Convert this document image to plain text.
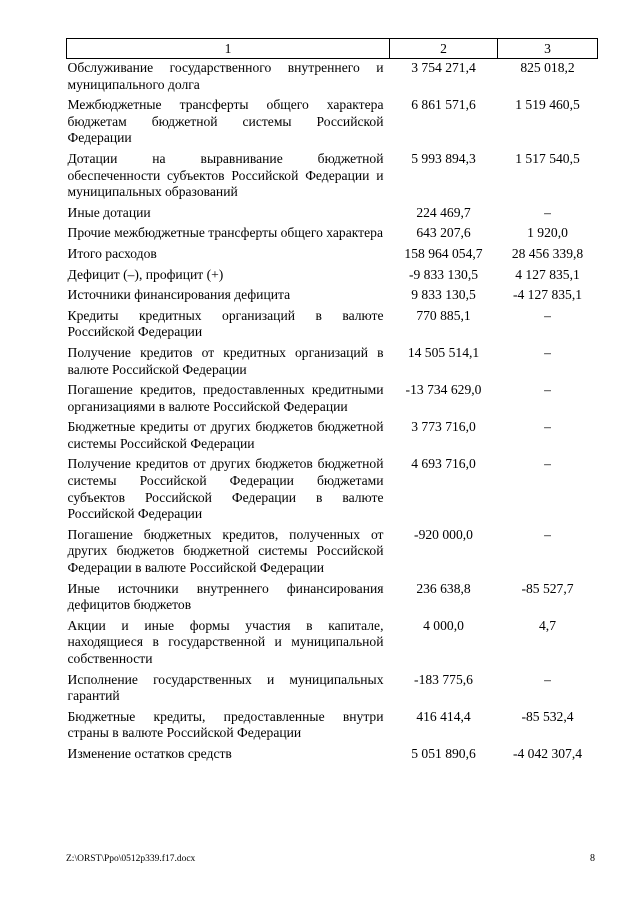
1	2	3
Обслуживание государственного внутреннего и муниципального долга	3 754 271,4	825 018,2
Межбюджетные трансферты общего характера бюджетам бюджетной системы Российской Федерации	6 861 571,6	1 519 460,5
Дотации на выравнивание бюджетной обеспеченности субъектов Российской Федерации и муниципальных образований	5 993 894,3	1 517 540,5
Иные дотации	224 469,7	–
Прочие межбюджетные трансферты общего характера	643 207,6	1 920,0
Итого расходов	158 964 054,7	28 456 339,8
Дефицит (–), профицит (+)	-9 833 130,5	4 127 835,1
Источники финансирования дефицита	9 833 130,5	-4 127 835,1
Кредиты кредитных организаций в валюте Российской Федерации	770 885,1	–
Получение кредитов от кредитных организаций в валюте Российской Федерации	14 505 514,1	–
Погашение кредитов, предоставленных кредитными организациями в валюте Российской Федерации	-13 734 629,0	–
Бюджетные кредиты от других бюджетов бюджетной системы Российской Федерации	3 773 716,0	–
Получение кредитов от других бюджетов бюджетной системы Российской Федерации бюджетами субъектов Российской Федерации в валюте Российской Федерации	4 693 716,0	–
Погашение бюджетных кредитов, полученных от других бюджетов бюджетной системы Российской Федерации в валюте Российской Федерации	-920 000,0	–
Иные источники внутреннего финансирования дефицитов бюджетов	236 638,8	-85 527,7
Акции и иные формы участия в капитале, находящиеся в государственной и муниципальной собственности	4 000,0	4,7
Исполнение государственных и муниципальных гарантий	-183 775,6	–
Бюджетные кредиты, предоставленные внутри страны в валюте Российской Федерации	416 414,4	-85 532,4
Изменение остатков средств	5 051 890,6	-4 042 307,4
Z:\ORST\Ppo\0512p339.f17.docx	8
